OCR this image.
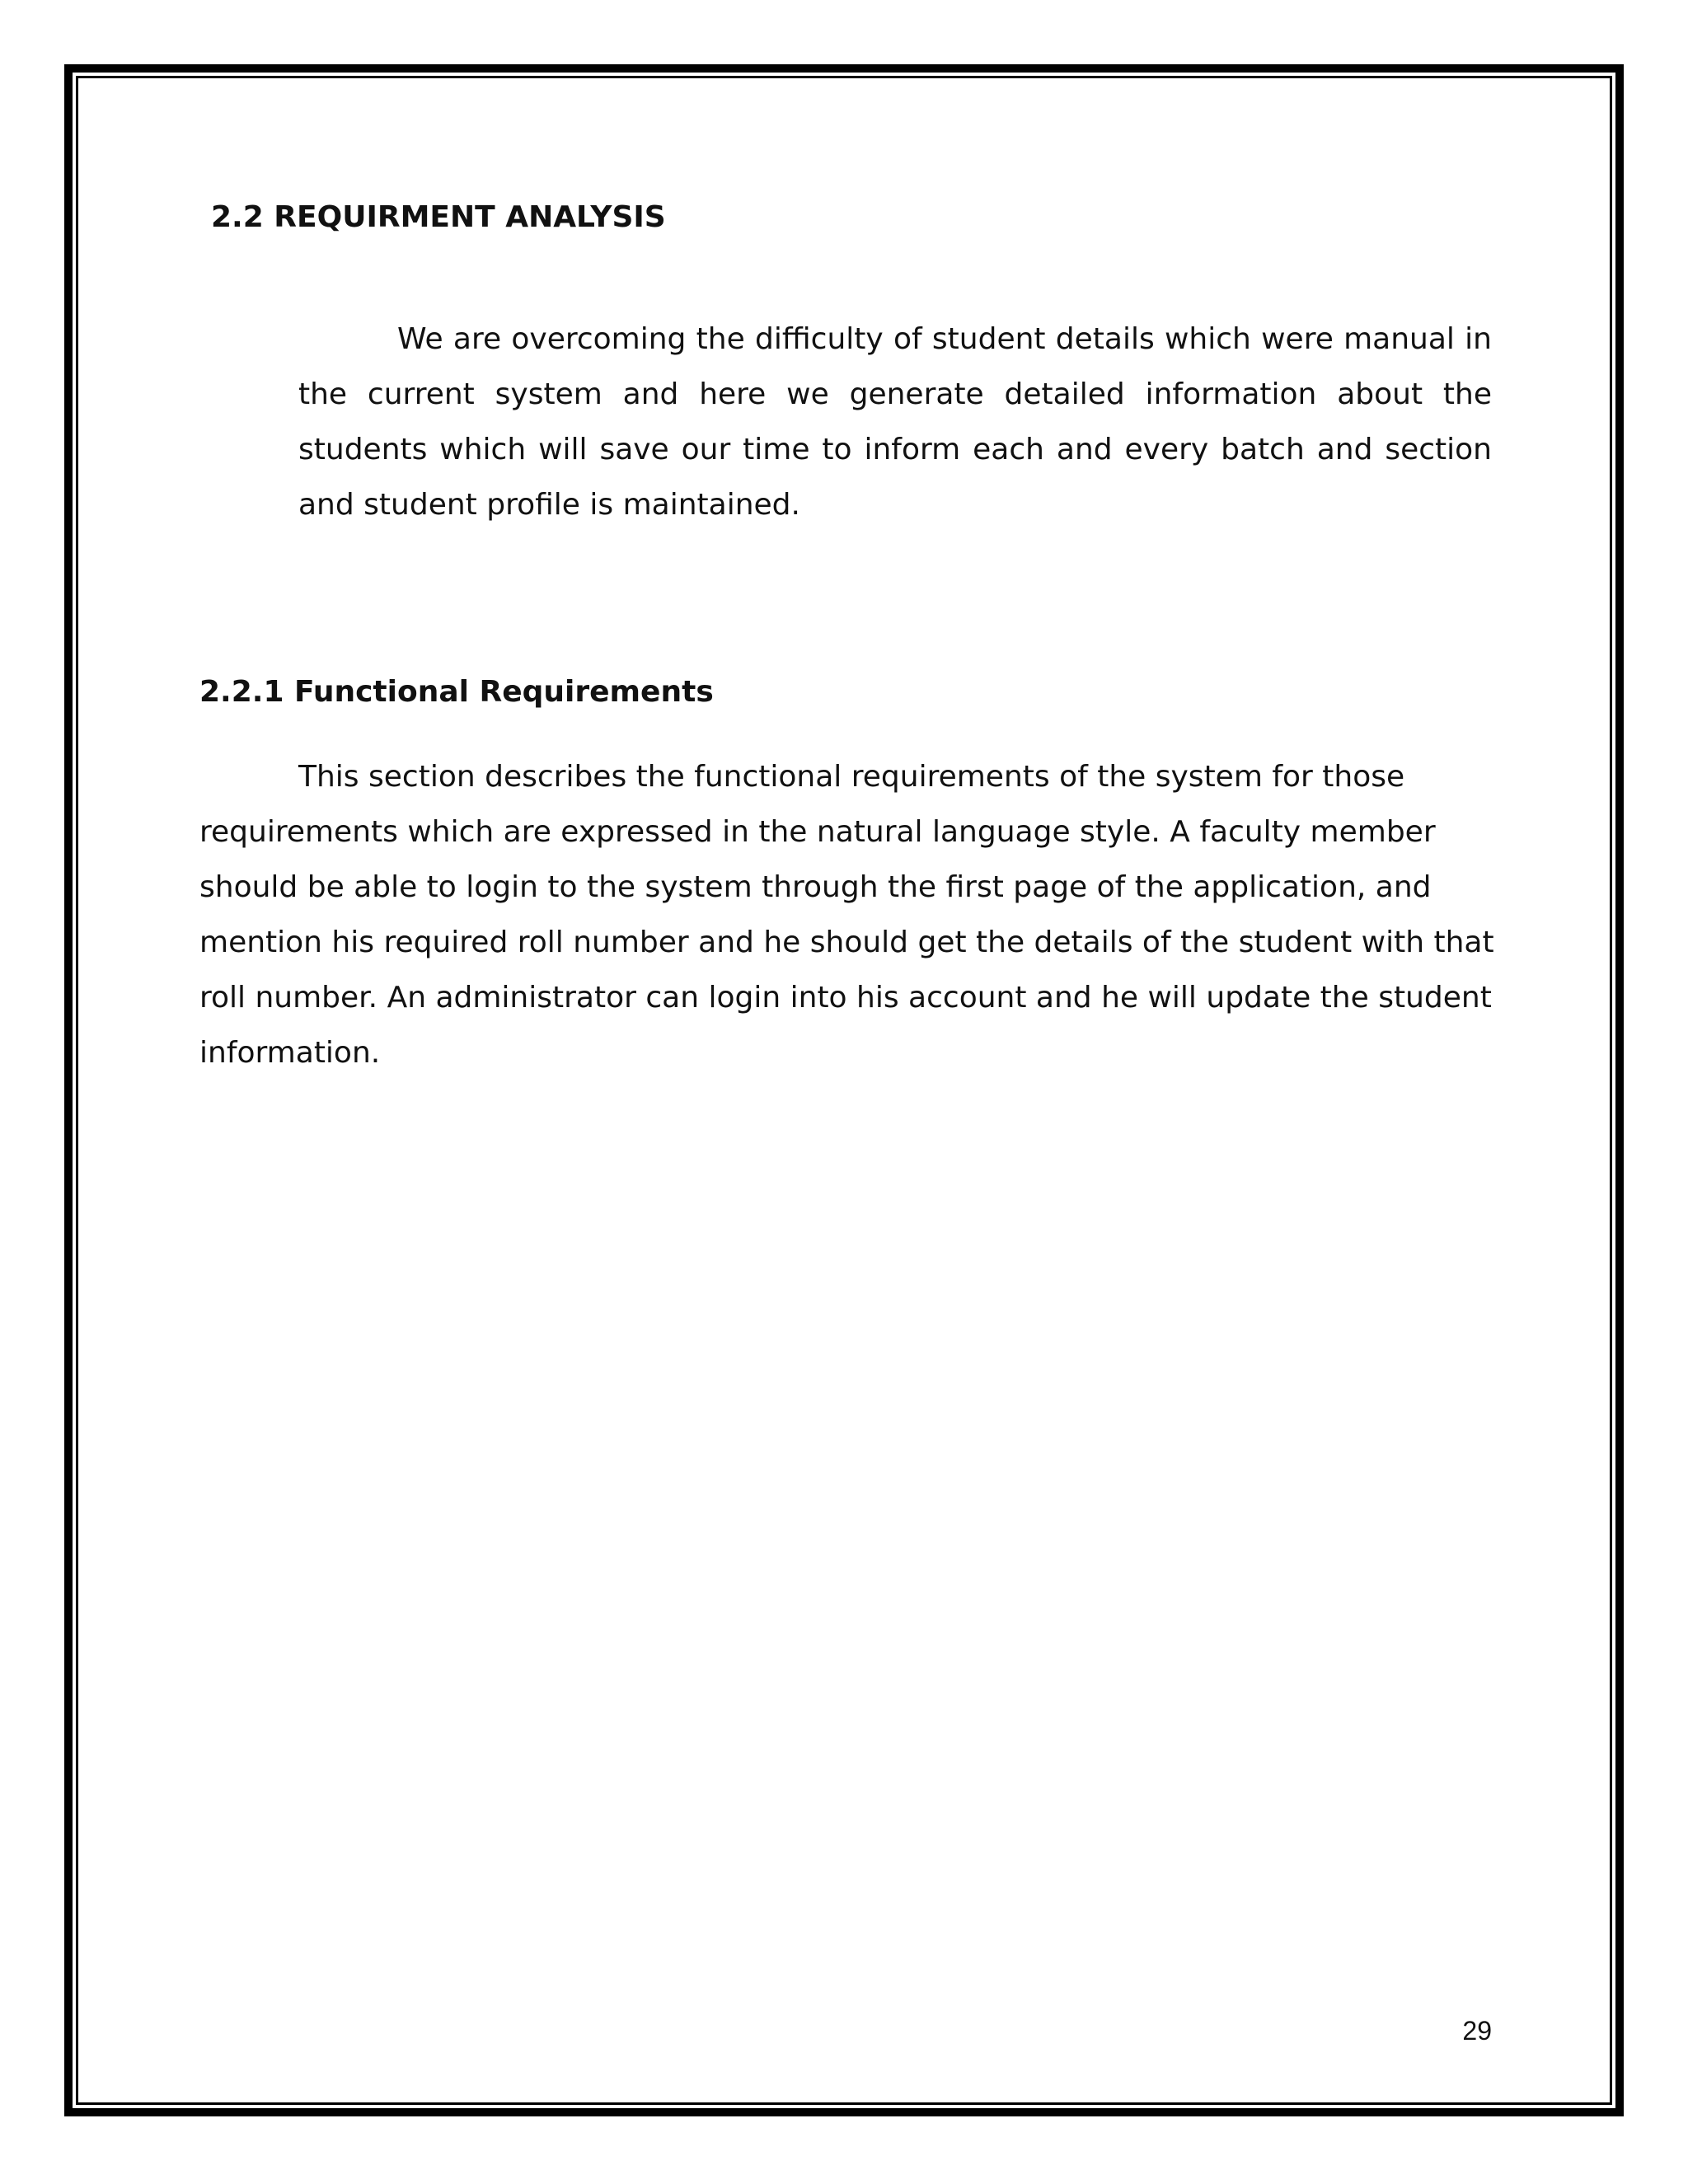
2.2 REQUIRMENT ANALYSIS

We are overcoming the difficulty of student details which were manual in the current system and here we generate detailed information about the students which will save our time to inform each and every batch and section and student profile is maintained.

2.2.1 Functional Requirements

This section describes the functional requirements of the system for those requirements which are expressed in the natural language style. A faculty member should be able to login to the system through the first page of the application, and mention his required roll number and he should get the details of the student with that roll number. An administrator can login into his account and he will update the student information.

29
